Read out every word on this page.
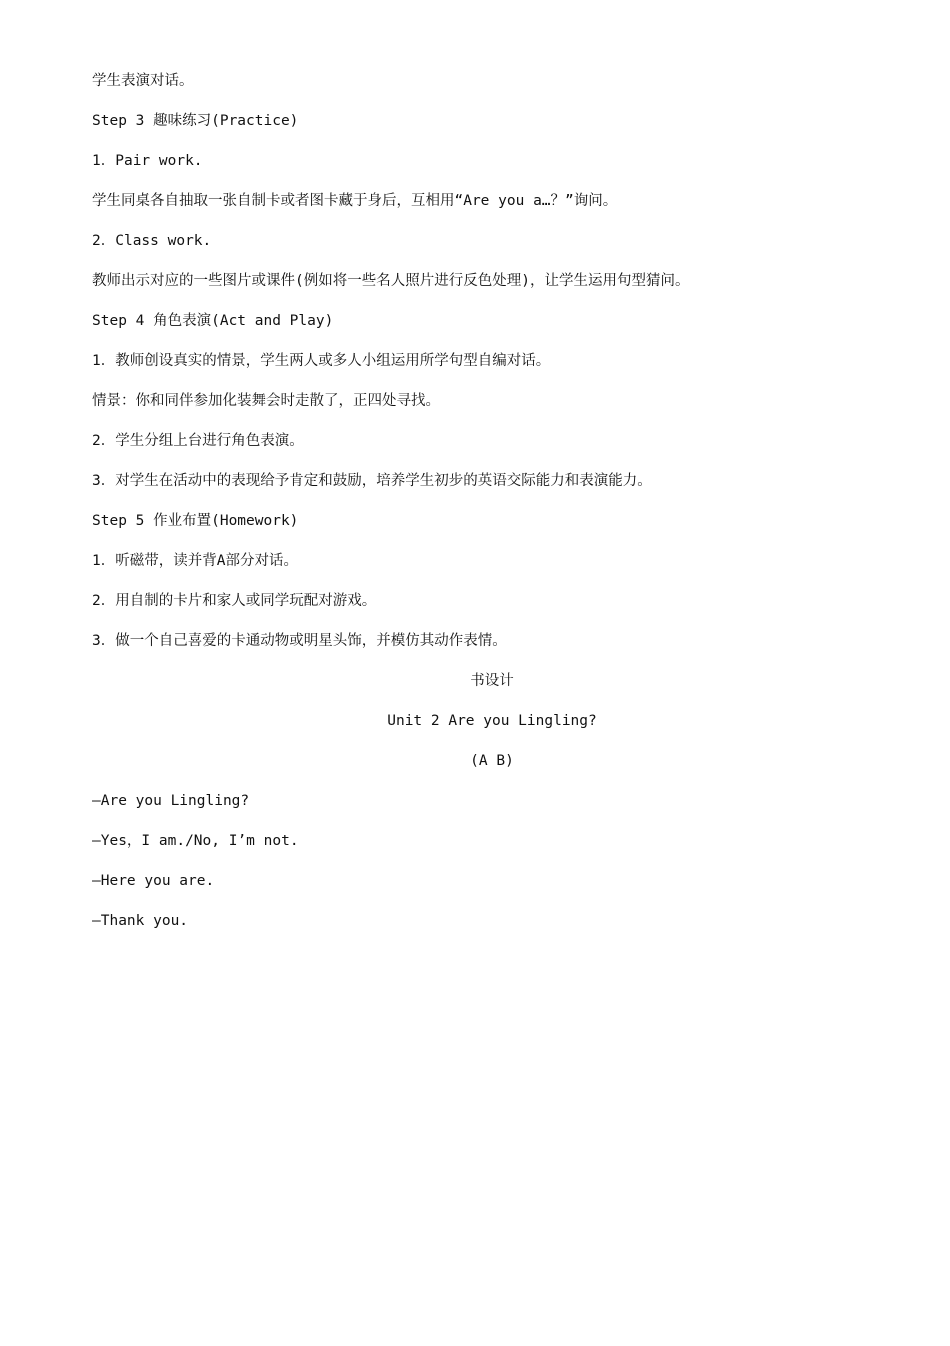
学生表演对话。
Step 3 趣味练习(Practice)
1．Pair work.
学生同桌各自抽取一张自制卡或者图卡藏于身后，互相用“Are you a…？”询问。
2．Class work.
教师出示对应的一些图片或课件(例如将一些名人照片进行反色处理)，让学生运用句型猜问。
Step 4 角色表演(Act and Play)
1．教师创设真实的情景，学生两人或多人小组运用所学句型自编对话。
情景：你和同伴参加化装舞会时走散了，正四处寻找。
2．学生分组上台进行角色表演。
3．对学生在活动中的表现给予肯定和鼓励，培养学生初步的英语交际能力和表演能力。
Step 5 作业布置(Homework)
1．听磁带，读并背A部分对话。
2．用自制的卡片和家人或同学玩配对游戏。
3．做一个自己喜爱的卡通动物或明星头饰，并模仿其动作表情。
书设计
Unit 2 Are you Lingling?
(A B)
—Are you Lingling?
—Yes，I am./No, I’m not.
—Here you are.
—Thank you.
